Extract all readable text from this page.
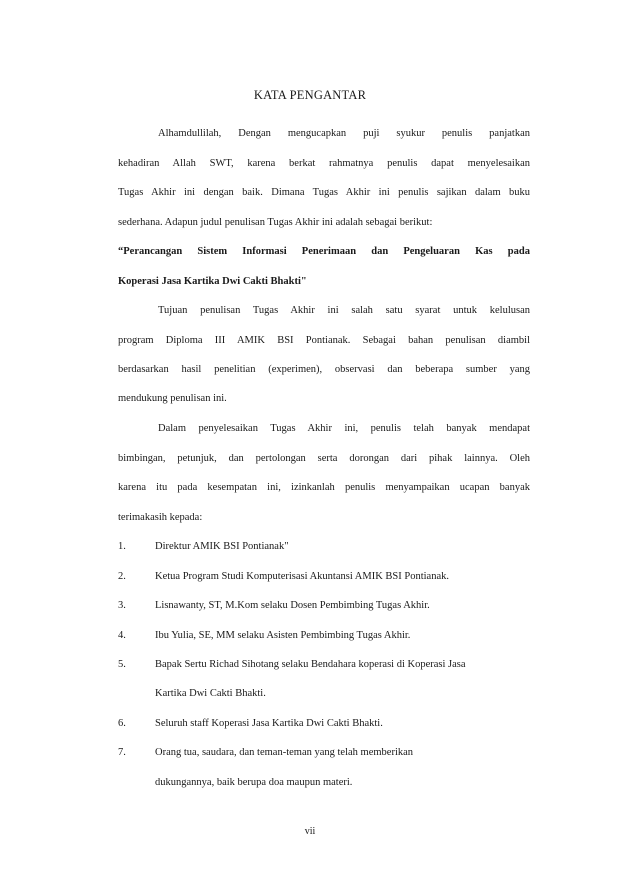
KATA PENGANTAR
Alhamdullilah, Dengan mengucapkan puji syukur penulis panjatkan
kehadiran Allah SWT, karena berkat rahmatnya penulis dapat menyelesaikan
Tugas Akhir ini dengan baik. Dimana Tugas Akhir ini penulis sajikan dalam buku
sederhana. Adapun judul penulisan Tugas Akhir ini adalah sebagai berikut:
“Perancangan Sistem Informasi Penerimaan dan Pengeluaran Kas pada
Koperasi Jasa Kartika Dwi Cakti Bhakti"
Tujuan penulisan Tugas Akhir ini salah satu syarat untuk kelulusan
program Diploma III AMIK BSI Pontianak. Sebagai bahan penulisan diambil
berdasarkan hasil penelitian (experimen), observasi dan beberapa sumber yang
mendukung penulisan ini.
Dalam penyelesaikan Tugas Akhir ini, penulis telah banyak mendapat
bimbingan, petunjuk, dan pertolongan serta dorongan dari pihak lainnya. Oleh
karena itu pada kesempatan ini, izinkanlah penulis menyampaikan ucapan banyak
terimakasih kepada:
1.	Direktur AMIK BSI Pontianak"
2.	Ketua Program Studi Komputerisasi Akuntansi AMIK BSI Pontianak.
3.	Lisnawanty, ST, M.Kom selaku Dosen Pembimbing Tugas Akhir.
4.	Ibu Yulia, SE, MM selaku Asisten Pembimbing Tugas Akhir.
5.	Bapak Sertu Richad Sihotang selaku Bendahara koperasi di Koperasi Jasa
Kartika Dwi Cakti Bhakti.
6.	Seluruh staff Koperasi Jasa Kartika Dwi Cakti Bhakti.
7.	Orang tua, saudara, dan teman-teman yang telah memberikan
dukungannya, baik berupa doa maupun materi.
vii
